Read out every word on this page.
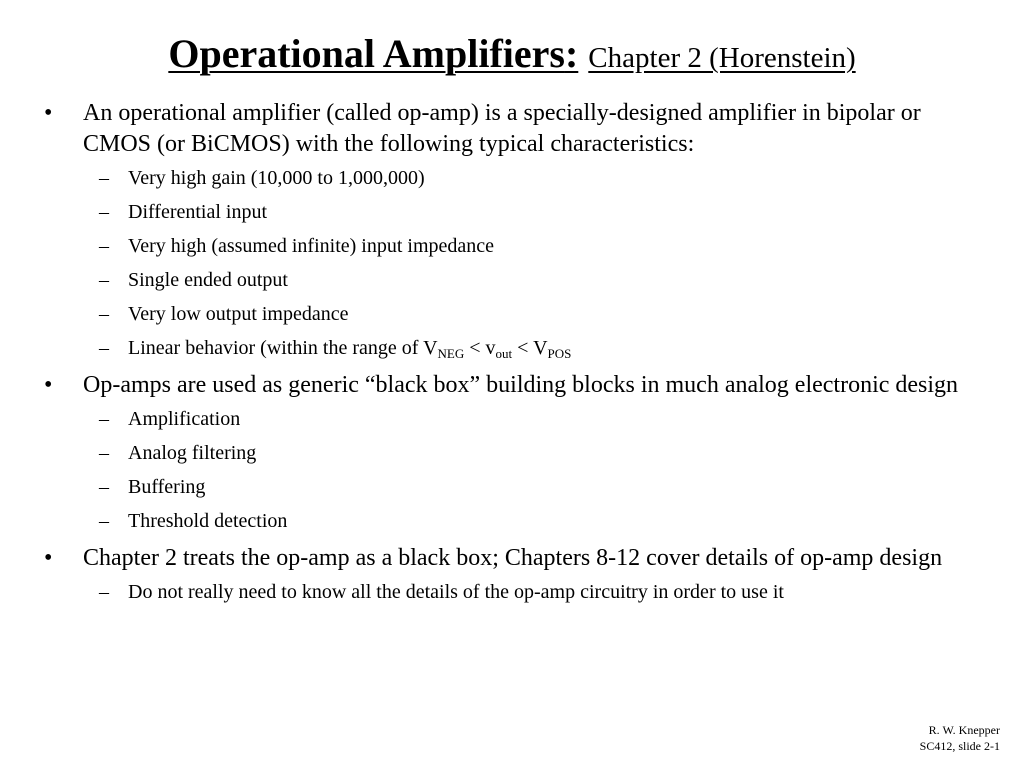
Operational Amplifiers: Chapter 2 (Horenstein)
• An operational amplifier (called op-amp) is a specially-designed amplifier in bipolar or CMOS (or BiCMOS) with the following typical characteristics:
– Very high gain (10,000 to 1,000,000)
– Differential input
– Very high (assumed infinite) input impedance
– Single ended output
– Very low output impedance
– Linear behavior (within the range of $V_{NEG} < v_{out} < V_{POS}$
• Op-amps are used as generic “black box” building blocks in much analog electronic design
– Amplification
– Analog filtering
– Buffering
– Threshold detection
• Chapter 2 treats the op-amp as a black box; Chapters 8-12 cover details of op-amp design
– Do not really need to know all the details of the op-amp circuitry in order to use it
R. W. Knepper
SC412, slide 2-1
